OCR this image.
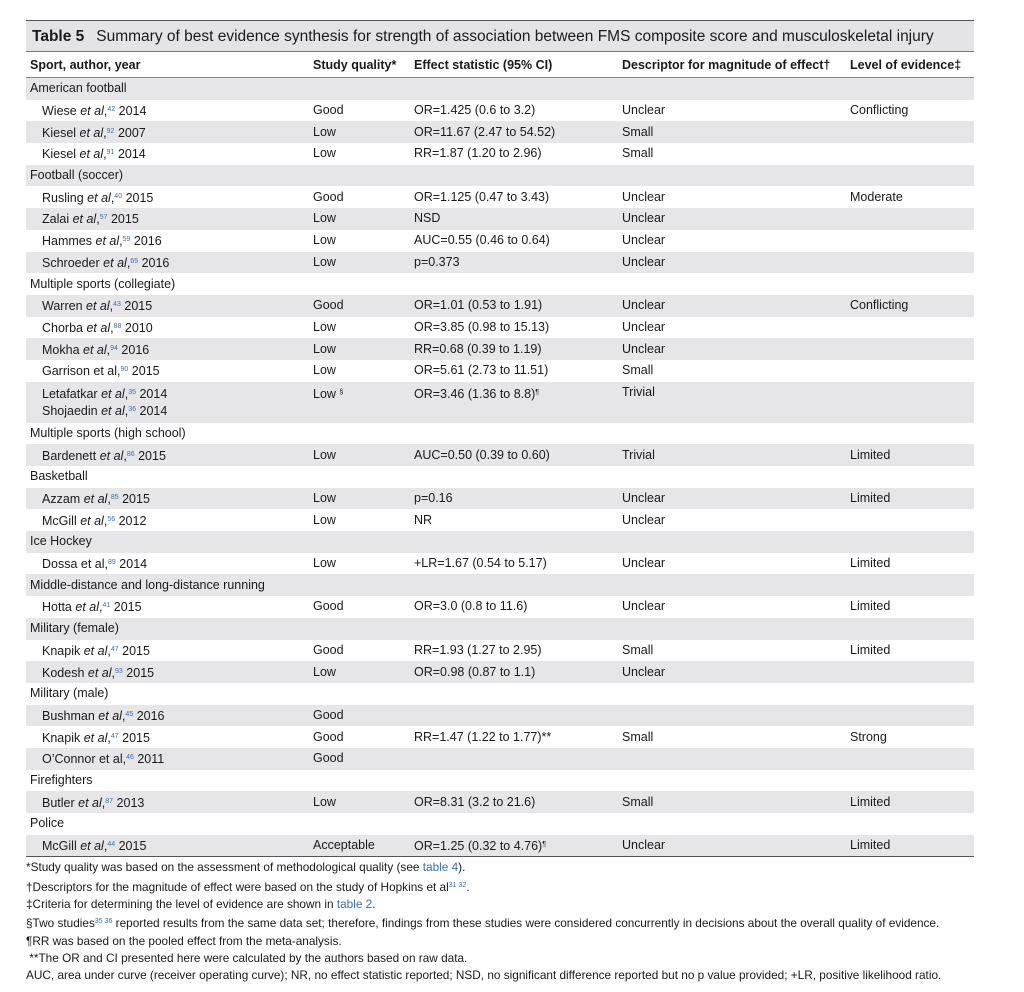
Table 5 Summary of best evidence synthesis for strength of association between FMS composite score and musculoskeletal injury
Sport, author, year	Study quality*	Effect statistic (95% CI)	Descriptor for magnitude of effect†	Level of evidence‡
American football				
Wiese et al,$^{42}$ 2014	Good	OR=1.425 (0.6 to 3.2)	Unclear	Conflicting
Kiesel et al,$^{92}$ 2007	Low	OR=11.67 (2.47 to 54.52)	Small	
Kiesel et al,$^{91}$ 2014	Low	RR=1.87 (1.20 to 2.96)	Small	
Football (soccer)				
Rusling et al,$^{40}$ 2015	Good	OR=1.125 (0.47 to 3.43)	Unclear	Moderate
Zalai et al,$^{57}$ 2015	Low	NSD	Unclear	
Hammes et al,$^{59}$ 2016	Low	AUC=0.55 (0.46 to 0.64)	Unclear	
Schroeder et al,$^{65}$ 2016	Low	p=0.373	Unclear	
Multiple sports (collegiate)				
Warren et al,$^{43}$ 2015	Good	OR=1.01 (0.53 to 1.91)	Unclear	Conflicting
Chorba et al,$^{88}$ 2010	Low	OR=3.85 (0.98 to 15.13)	Unclear	
Mokha et al,$^{94}$ 2016	Low	RR=0.68 (0.39 to 1.19)	Unclear	
Garrison et al,$^{90}$ 2015	Low	OR=5.61 (2.73 to 11.51)	Small	

Letafatkar et al,$^{35}$ 2014
Shojaedin et al,$^{36}$ 2014	Low §	OR=3.46 (1.36 to 8.8)¶	Trivial	
Multiple sports (high school)				
Bardenett et al,$^{86}$ 2015	Low	AUC=0.50 (0.39 to 0.60)	Trivial	Limited
Basketball				
Azzam et al,$^{85}$ 2015	Low	p=0.16	Unclear	Limited
McGill et al,$^{56}$ 2012	Low	NR	Unclear	
Ice Hockey				
Dossa et al,$^{89}$ 2014	Low	+LR=1.67 (0.54 to 5.17)	Unclear	Limited
Middle-distance and long-distance running				
Hotta et al,$^{41}$ 2015	Good	OR=3.0 (0.8 to 11.6)	Unclear	Limited
Military (female)				
Knapik et al,$^{47}$ 2015	Good	RR=1.93 (1.27 to 2.95)	Small	Limited
Kodesh et al,$^{93}$ 2015	Low	OR=0.98 (0.87 to 1.1)	Unclear	
Military (male)				
Bushman et al,$^{45}$ 2016	Good			
Knapik et al,$^{47}$ 2015	Good	RR=1.47 (1.22 to 1.77)**	Small	Strong
O’Connor et al,$^{46}$ 2011	Good			
Firefighters				
Butler et al,$^{87}$ 2013	Low	OR=8.31 (3.2 to 21.6)	Small	Limited
Police				
McGill et al,$^{44}$ 2015	Acceptable	OR=1.25 (0.32 to 4.76)¶	Unclear	Limited
*Study quality was based on the assessment of methodological quality (see table 4).
†Descriptors for the magnitude of effect were based on the study of Hopkins et $al^{31 32}$.
‡Criteria for determining the level of evidence are shown in table 2.
§Two studies$^{35 36}$ reported results from the same data set; therefore, findings from these studies were considered concurrently in decisions about the overall quality of evidence.
¶RR was based on the pooled effect from the meta-analysis.
**The OR and CI presented here were calculated by the authors based on raw data.
AUC, area under curve (receiver operating curve); NR, no effect statistic reported; NSD, no significant difference reported but no p value provided; +LR, positive likelihood ratio.
